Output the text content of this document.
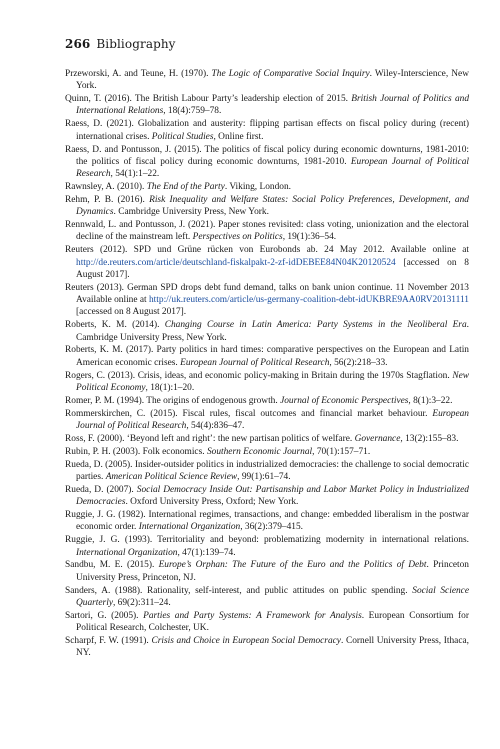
266 Bibliography
Przeworski, A. and Teune, H. (1970). The Logic of Comparative Social Inquiry. Wiley-Interscience, New York.
Quinn, T. (2016). The British Labour Party’s leadership election of 2015. British Journal of Politics and International Relations, 18(4):759–78.
Raess, D. (2021). Globalization and austerity: flipping partisan effects on fiscal policy during (recent) international crises. Political Studies, Online first.
Raess, D. and Pontusson, J. (2015). The politics of fiscal policy during economic downturns, 1981-2010: the politics of fiscal policy during economic downturns, 1981-2010. European Journal of Political Research, 54(1):1–22.
Rawnsley, A. (2010). The End of the Party. Viking, London.
Rehm, P. B. (2016). Risk Inequality and Welfare States: Social Policy Preferences, Development, and Dynamics. Cambridge University Press, New York.
Rennwald, L. and Pontusson, J. (2021). Paper stones revisited: class voting, unionization and the electoral decline of the mainstream left. Perspectives on Politics, 19(1):36–54.
Reuters (2012). SPD und Grüne rücken von Eurobonds ab. 24 May 2012. Available online at http://de.reuters.com/article/deutschland-fiskalpakt-2-zf-idDEBEE84N04K20120524 [accessed on 8 August 2017].
Reuters (2013). German SPD drops debt fund demand, talks on bank union continue. 11 November 2013 Available online at http://uk.reuters.com/article/us-germany-coalition-debt-idUKBRE9AA0RV20131111 [accessed on 8 August 2017].
Roberts, K. M. (2014). Changing Course in Latin America: Party Systems in the Neoliberal Era. Cambridge University Press, New York.
Roberts, K. M. (2017). Party politics in hard times: comparative perspectives on the European and Latin American economic crises. European Journal of Political Research, 56(2):218–33.
Rogers, C. (2013). Crisis, ideas, and economic policy-making in Britain during the 1970s Stagflation. New Political Economy, 18(1):1–20.
Romer, P. M. (1994). The origins of endogenous growth. Journal of Economic Perspectives, 8(1):3–22.
Rommerskirchen, C. (2015). Fiscal rules, fiscal outcomes and financial market behaviour. European Journal of Political Research, 54(4):836–47.
Ross, F. (2000). ‘Beyond left and right’: the new partisan politics of welfare. Governance, 13(2):155–83.
Rubin, P. H. (2003). Folk economics. Southern Economic Journal, 70(1):157–71.
Rueda, D. (2005). Insider-outsider politics in industrialized democracies: the challenge to social democratic parties. American Political Science Review, 99(1):61–74.
Rueda, D. (2007). Social Democracy Inside Out: Partisanship and Labor Market Policy in Industrialized Democracies. Oxford University Press, Oxford; New York.
Ruggie, J. G. (1982). International regimes, transactions, and change: embedded liberalism in the postwar economic order. International Organization, 36(2):379–415.
Ruggie, J. G. (1993). Territoriality and beyond: problematizing modernity in international relations. International Organization, 47(1):139–74.
Sandbu, M. E. (2015). Europe’s Orphan: The Future of the Euro and the Politics of Debt. Princeton University Press, Princeton, NJ.
Sanders, A. (1988). Rationality, self-interest, and public attitudes on public spending. Social Science Quarterly, 69(2):311–24.
Sartori, G. (2005). Parties and Party Systems: A Framework for Analysis. European Consortium for Political Research, Colchester, UK.
Scharpf, F. W. (1991). Crisis and Choice in European Social Democracy. Cornell University Press, Ithaca, NY.
